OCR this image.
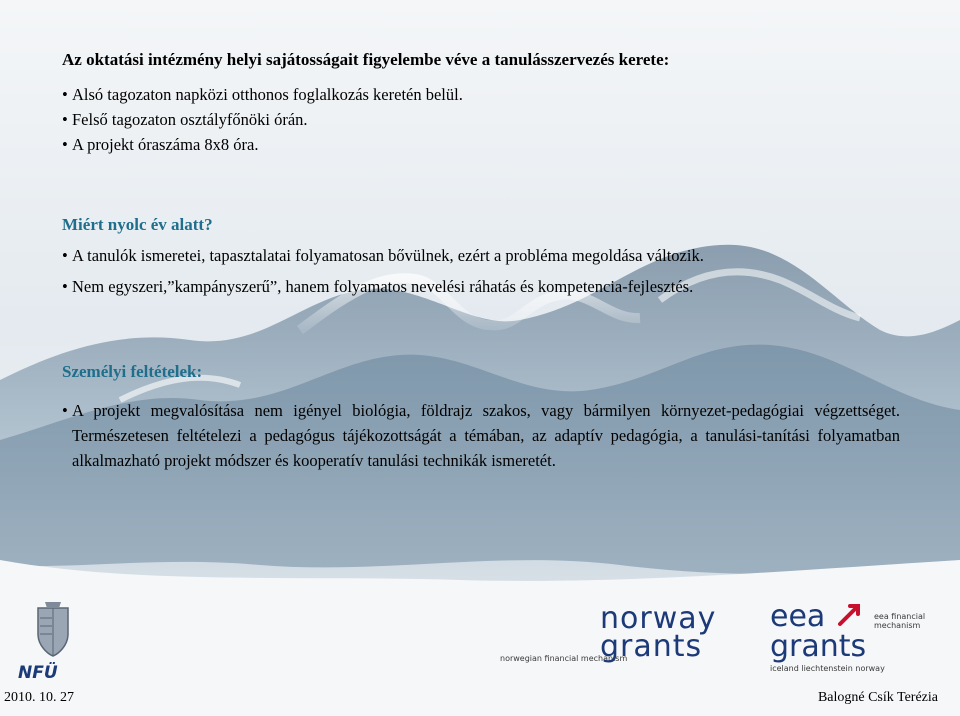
Az oktatási intézmény helyi sajátosságait figyelembe véve a tanulásszervezés kerete:

• Alsó tagozaton napközi otthonos foglalkozás keretén belül.

• Felső tagozaton osztályfőnöki órán.

• A projekt óraszáma 8x8 óra.

Miért nyolc év alatt?

• A tanulók ismeretei, tapasztalatai folyamatosan bővülnek, ezért a probléma megoldása változik.

• Nem egyszeri,”kampányszerű”, hanem folyamatos nevelési ráhatás és kompetencia-fejlesztés.

Személyi feltételek:

• A projekt megvalósítása nem igényel biológia, földrajz szakos, vagy bármilyen környezet-pedagógiai végzettséget. Természetesen feltételezi a pedagógus tájékozottságát a témában, az adaptív pedagógia, a tanulási-tanítási folyamatban alkalmazható projekt módszer és kooperatív tanulási technikák ismeretét.

NFÜ
norwegian financial mechanism
norway
grants
eea	eea financial mechanism
grants
iceland liechtenstein norway
2010. 10. 27	Balogné Csík Terézia
